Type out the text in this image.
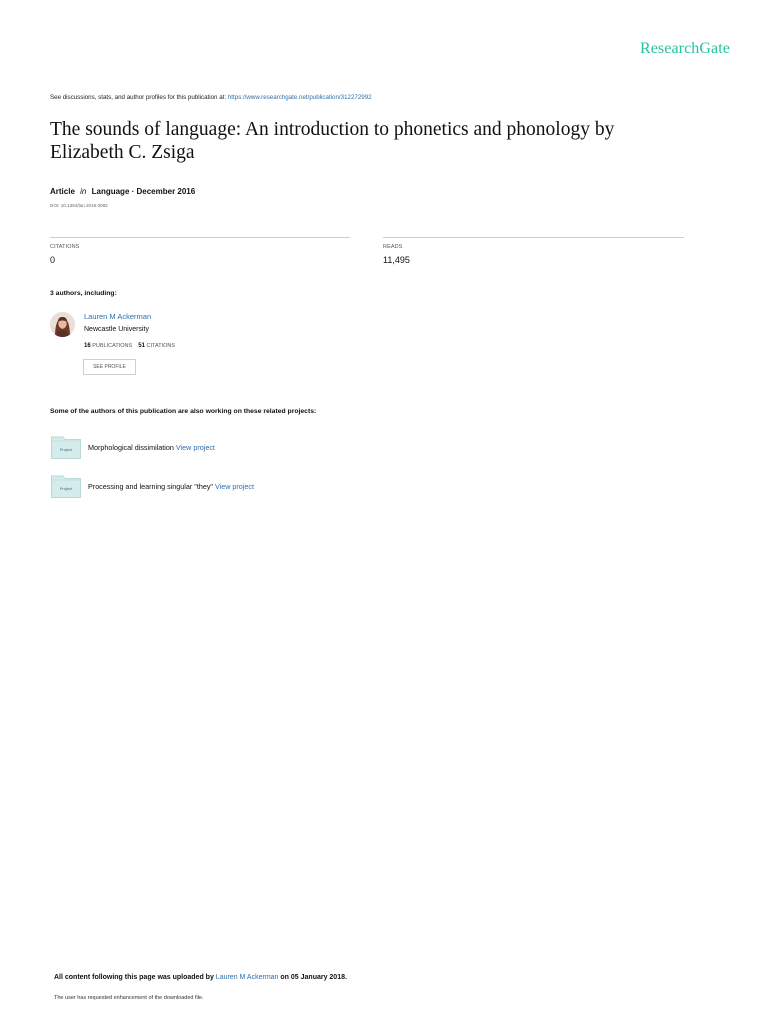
ResearchGate
See discussions, stats, and author profiles for this publication at: https://www.researchgate.net/publication/312272992
The sounds of language: An introduction to phonetics and phonology by Elizabeth C. Zsiga
Article in Language · December 2016
DOI: 10.1353/lan.2016.0082
CITATIONS
0
READS
11,495
3 authors, including:
Lauren M Ackerman
Newcastle University
16 PUBLICATIONS 51 CITATIONS
SEE PROFILE
Some of the authors of this publication are also working on these related projects:
Project Morphological dissimilation View project
Project Processing and learning singular "they" View project
All content following this page was uploaded by Lauren M Ackerman on 05 January 2018.
The user has requested enhancement of the downloaded file.
